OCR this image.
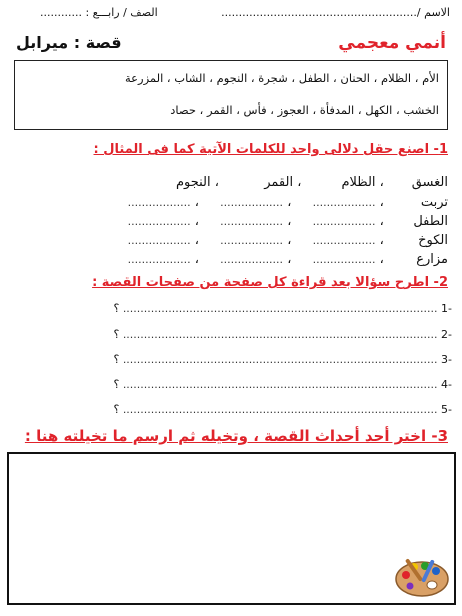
الاسم /........................................................
الصف / رابـــع : ............
أنمي معجمي
قصة : ميرابل
الأم ، الظلام ، الحنان ، الطفل ، شجرة ، النجوم ، الشاب ، المزرعة
الخشب ، الكهل ، المدفأة ، العجوز ، فأس ، القمر ، حصاد
1- اصنع حقل دلالى واحد للكلمات الآتية كما فى المثال :
الغسق ، الظلام ، القمر ، النجوم
تربت ، .................. ، .................. ، ..................
الطفل ، .................. ، .................. ، ..................
الكوخ ، .................. ، .................. ، ..................
مزارع ، .................. ، .................. ، ..................
2- اطرح سؤالا بعد قراءة كل صفحة من صفحات القصة :
-1 .......................................................................................... ؟
-2 .......................................................................................... ؟
-3 .......................................................................................... ؟
-4 .......................................................................................... ؟
-5 .......................................................................................... ؟
3- اختر أحد أحداث القصة ، وتخيله ثم ارسم ما تخيلته هنا :
